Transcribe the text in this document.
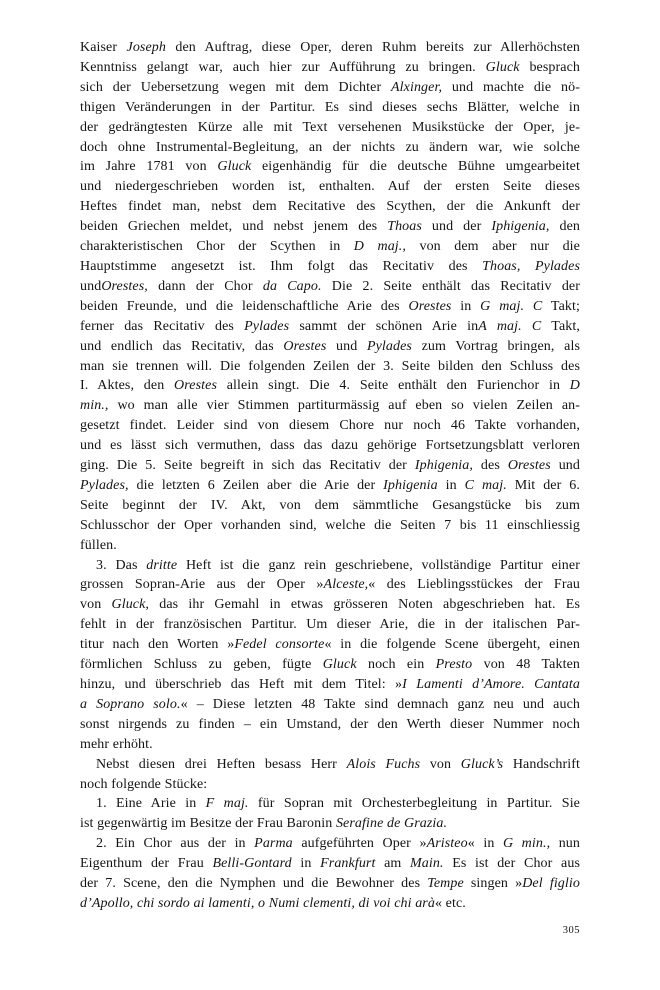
Kaiser Joseph den Auftrag, diese Oper, deren Ruhm bereits zur Allerhöchsten
Kenntniss gelangt war, auch hier zur Aufführung zu bringen. Gluck besprach
sich der Uebersetzung wegen mit dem Dichter Alxinger, und machte die nö-
thigen Veränderungen in der Partitur. Es sind dieses sechs Blätter, welche in
der gedrängtesten Kürze alle mit Text versehenen Musikstücke der Oper, je-
doch ohne Instrumental-Begleitung, an der nichts zu ändern war, wie solche
im Jahre 1781 von Gluck eigenhändig für die deutsche Bühne umgearbeitet
und niedergeschrieben worden ist, enthalten. Auf der ersten Seite dieses
Heftes findet man, nebst dem Recitative des Scythen, der die Ankunft der
beiden Griechen meldet, und nebst jenem des Thoas und der Iphigenia, den
charakteristischen Chor der Scythen in D maj., von dem aber nur die
Hauptstimme angesetzt ist. Ihm folgt das Recitativ des Thoas, Pylades
undOrestes, dann der Chor da Capo. Die 2. Seite enthält das Recitativ der
beiden Freunde, und die leidenschaftliche Arie des Orestes in G maj. C Takt;
ferner das Recitativ des Pylades sammt der schönen Arie inA maj. C Takt,
und endlich das Recitativ, das Orestes und Pylades zum Vortrag bringen, als
man sie trennen will. Die folgenden Zeilen der 3. Seite bilden den Schluss des
I. Aktes, den Orestes allein singt. Die 4. Seite enthält den Furienchor in D
min., wo man alle vier Stimmen partiturmässig auf eben so vielen Zeilen an-
gesetzt findet. Leider sind von diesem Chore nur noch 46 Takte vorhanden,
und es lässt sich vermuthen, dass das dazu gehörige Fortsetzungsblatt verloren
ging. Die 5. Seite begreift in sich das Recitativ der Iphigenia, des Orestes und
Pylades, die letzten 6 Zeilen aber die Arie der Iphigenia in C maj. Mit der 6.
Seite beginnt der IV. Akt, von dem sämmtliche Gesangstücke bis zum
Schlusschor der Oper vorhanden sind, welche die Seiten 7 bis 11 einschliessig
füllen.
3. Das dritte Heft ist die ganz rein geschriebene, vollständige Partitur einer
grossen Sopran-Arie aus der Oper »Alceste,« des Lieblingsstückes der Frau
von Gluck, das ihr Gemahl in etwas grösseren Noten abgeschrieben hat. Es
fehlt in der französischen Partitur. Um dieser Arie, die in der italischen Par-
titur nach den Worten »Fedel consorte« in die folgende Scene übergeht, einen
förmlichen Schluss zu geben, fügte Gluck noch ein Presto von 48 Takten
hinzu, und überschrieb das Heft mit dem Titel: »I Lamenti d’Amore. Cantata
a Soprano solo.« – Diese letzten 48 Takte sind demnach ganz neu und auch
sonst nirgends zu finden – ein Umstand, der den Werth dieser Nummer noch
mehr erhöht.
Nebst diesen drei Heften besass Herr Alois Fuchs von Gluck’s Handschrift
noch folgende Stücke:
1. Eine Arie in F maj. für Sopran mit Orchesterbegleitung in Partitur. Sie
ist gegenwärtig im Besitze der Frau Baronin Serafine de Grazia.
2. Ein Chor aus der in Parma aufgeführten Oper »Aristeo« in G min., nun
Eigenthum der Frau Belli-Gontard in Frankfurt am Main. Es ist der Chor aus
der 7. Scene, den die Nymphen und die Bewohner des Tempe singen »Del figlio
d’Apollo, chi sordo ai lamenti, o Numi clementi, di voi chi arà« etc.
305
